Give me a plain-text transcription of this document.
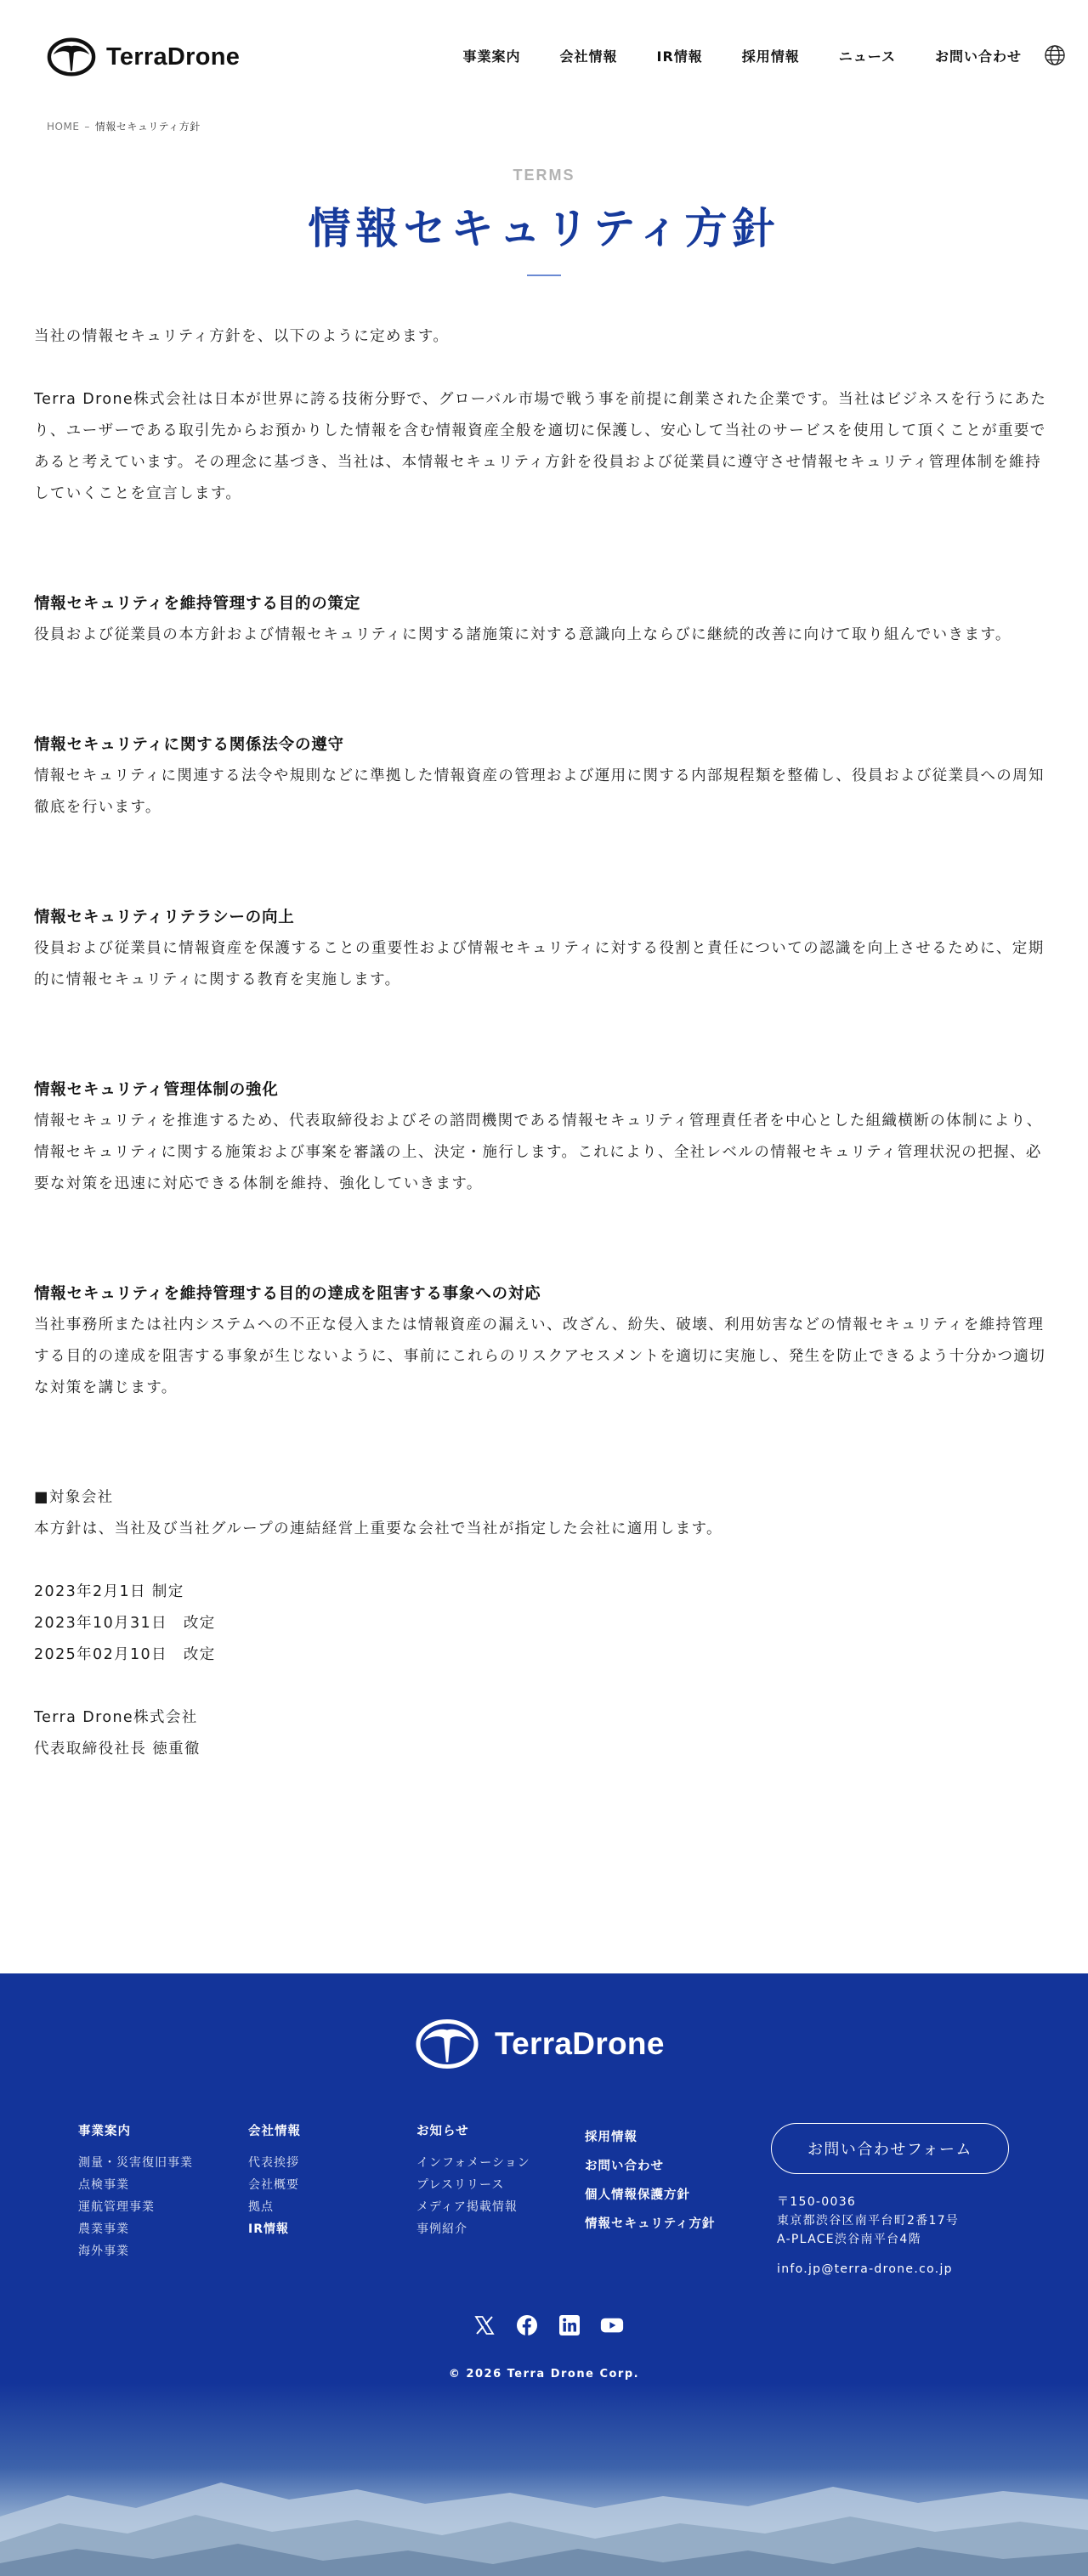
TerraDrone	事業案内	会社情報	IR情報	採用情報	ニュース	お問い合わせ
HOME – 情報セキュリティ方針
TERMS
情報セキュリティ方針

当社の情報セキュリティ方針を、以下のように定めます。

Terra Drone株式会社は日本が世界に誇る技術分野で、グローバル市場で戦う事を前提に創業された企業です。当社はビジネスを行うにあたり、ユーザーである取引先からお預かりした情報を含む情報資産全般を適切に保護し、安心して当社のサービスを使用して頂くことが重要であると考えています。その理念に基づき、当社は、本情報セキュリティ方針を役員および従業員に遵守させ情報セキュリティ管理体制を維持していくことを宣言します。

情報セキュリティを維持管理する目的の策定

役員および従業員の本方針および情報セキュリティに関する諸施策に対する意識向上ならびに継続的改善に向けて取り組んでいきます。

情報セキュリティに関する関係法令の遵守

情報セキュリティに関連する法令や規則などに準拠した情報資産の管理および運用に関する内部規程類を整備し、役員および従業員への周知徹底を行います。

情報セキュリティリテラシーの向上

役員および従業員に情報資産を保護することの重要性および情報セキュリティに対する役割と責任についての認識を向上させるために、定期的に情報セキュリティに関する教育を実施します。

情報セキュリティ管理体制の強化

情報セキュリティを推進するため、代表取締役およびその諮問機関である情報セキュリティ管理責任者を中心とした組織横断の体制により、情報セキュリティに関する施策および事案を審議の上、決定・施行します。これにより、全社レベルの情報セキュリティ管理状況の把握、必要な対策を迅速に対応できる体制を維持、強化していきます。

情報セキュリティを維持管理する目的の達成を阻害する事象への対応

当社事務所または社内システムへの不正な侵入または情報資産の漏えい、改ざん、紛失、破壊、利用妨害などの情報セキュリティを維持管理する目的の達成を阻害する事象が生じないように、事前にこれらのリスクアセスメントを適切に実施し、発生を防止できるよう十分かつ適切な対策を講じます。

■対象会社

本方針は、当社及び当社グループの連結経営上重要な会社で当社が指定した会社に適用します。

2023年2月1日 制定

2023年10月31日　改定

2025年02月10日　改定

Terra Drone株式会社

代表取締役社長 徳重徹

TerraDrone
事業案内
測量・災害復旧事業
点検事業
運航管理事業
農業事業
海外事業
会社情報
代表挨拶
会社概要
拠点
IR情報
お知らせ
インフォメーション
プレスリリース
メディア掲載情報
事例紹介
採用情報
お問い合わせ
個人情報保護方針
情報セキュリティ方針
お問い合わせフォーム
〒150-0036
東京都渋谷区南平台町2番17号
A-PLACE渋谷南平台4階
info.jp@terra-drone.co.jp
© 2026 Terra Drone Corp.
